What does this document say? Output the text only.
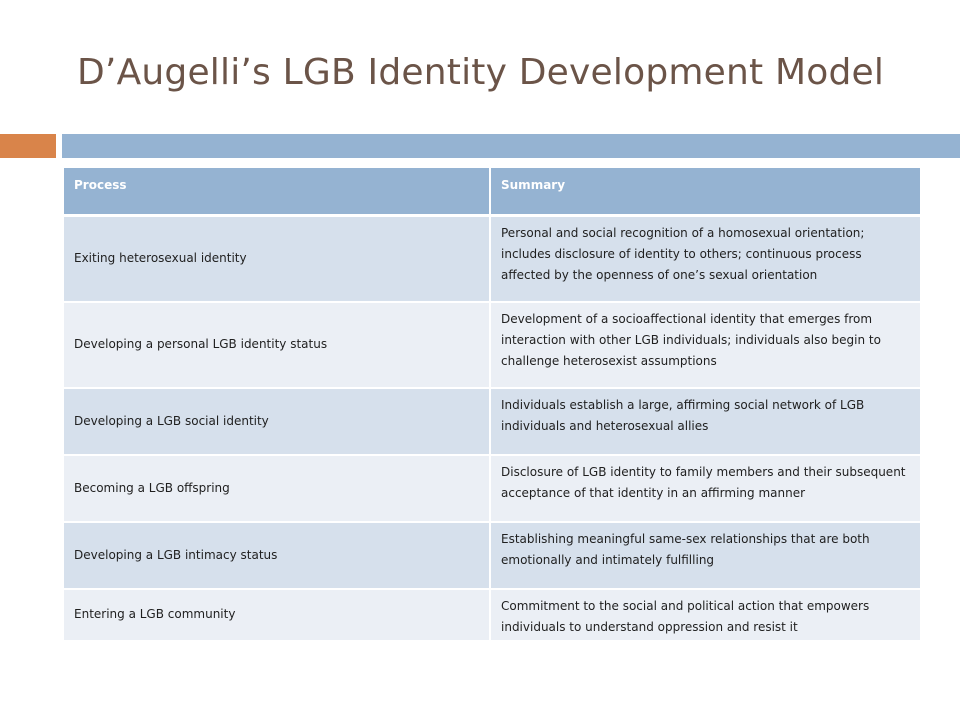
D’Augelli’s LGB Identity Development Model
Process	Summary
Exiting heterosexual identity	Personal and social recognition of a homosexual orientation; includes disclosure of identity to others; continuous process affected by the openness of one’s sexual orientation
Developing a personal LGB identity status	Development of a socioaffectional identity that emerges from interaction with other LGB individuals; individuals also begin to challenge heterosexist assumptions
Developing a LGB social identity	Individuals establish a large, affirming social network of LGB individuals and heterosexual allies
Becoming a LGB offspring	Disclosure of LGB identity to family members and their subsequent acceptance of that identity in an affirming manner
Developing a LGB intimacy status	Establishing meaningful same-sex relationships that are both emotionally and intimately fulfilling
Entering a LGB community	Commitment to the social and political action that empowers individuals to understand oppression and resist it
